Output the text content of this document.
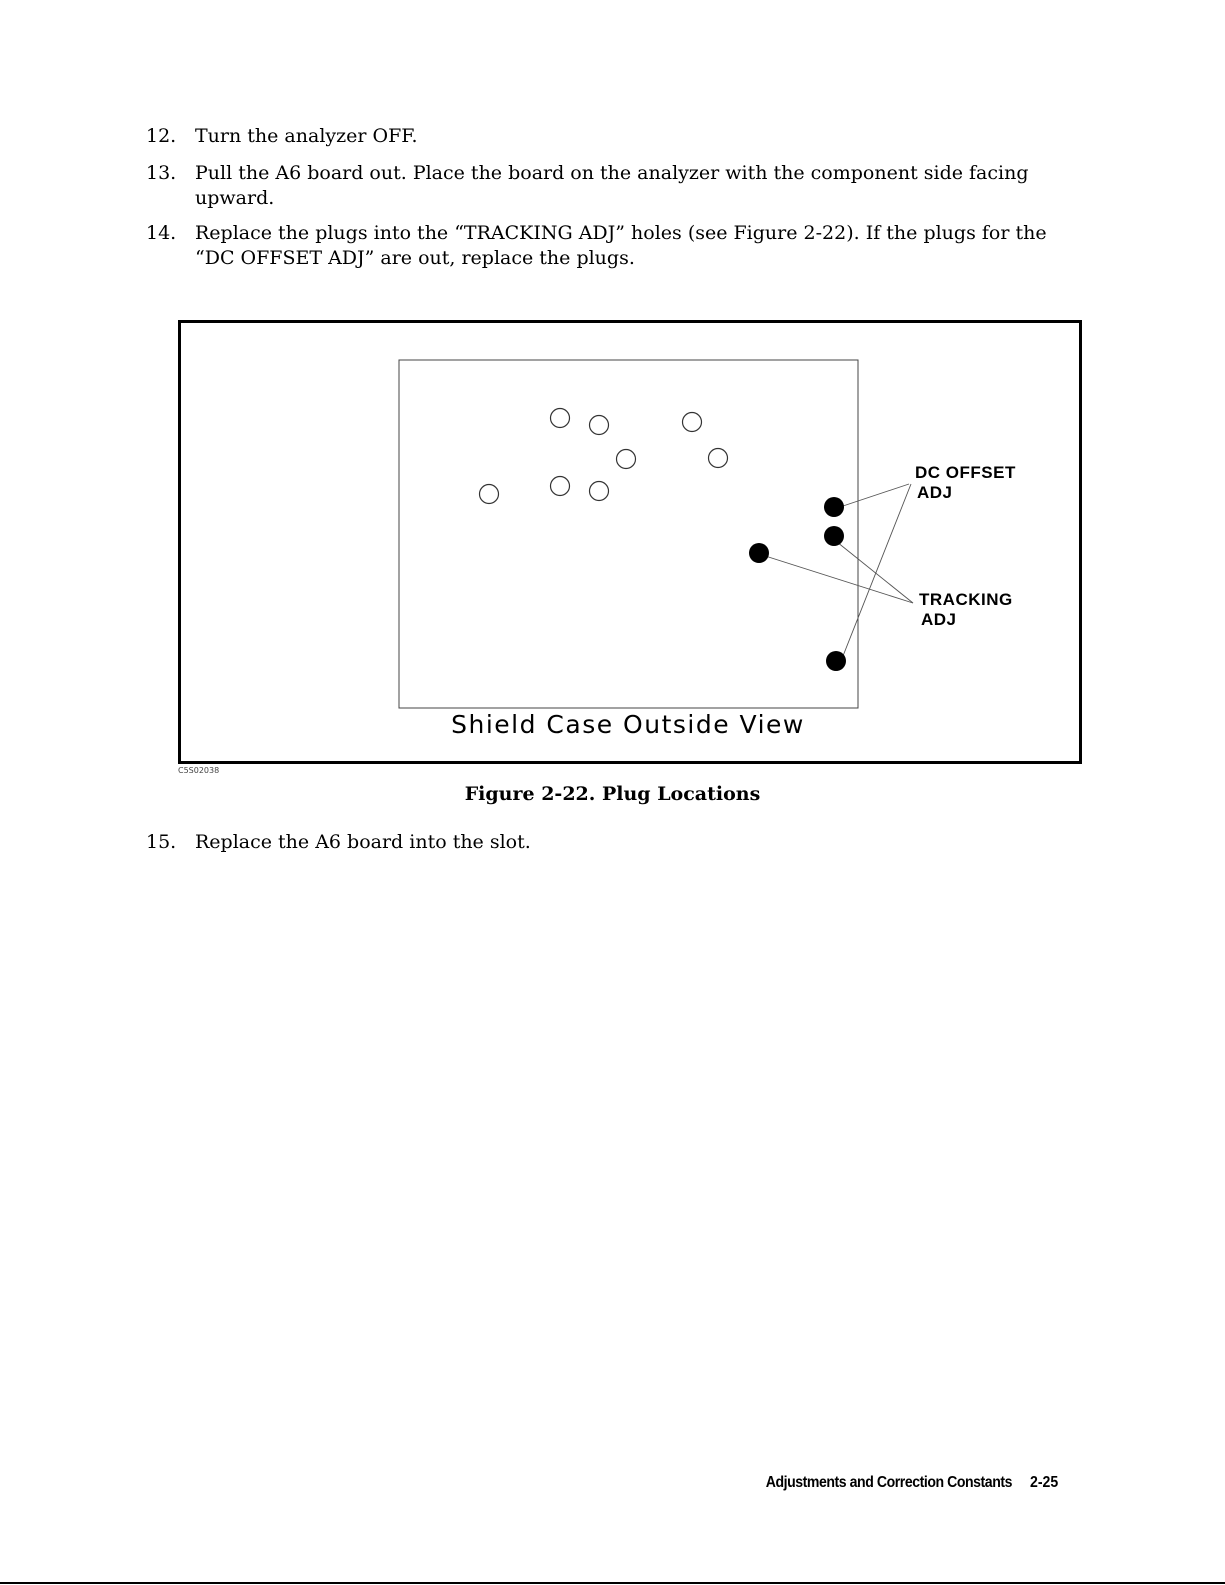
12. Turn the analyzer OFF.
13. Pull the A6 board out. Place the board on the analyzer with the component side facing upward.
14. Replace the plugs into the “TRACKING ADJ” holes (see Figure 2-22). If the plugs for the “DC OFFSET ADJ” are out, replace the plugs.
DC OFFSET
ADJ
TRACKING
ADJ
Shield Case Outside View
C5S02038
Figure 2-22. Plug Locations
15. Replace the A6 board into the slot.
Adjustments and Correction Constants 2-25
